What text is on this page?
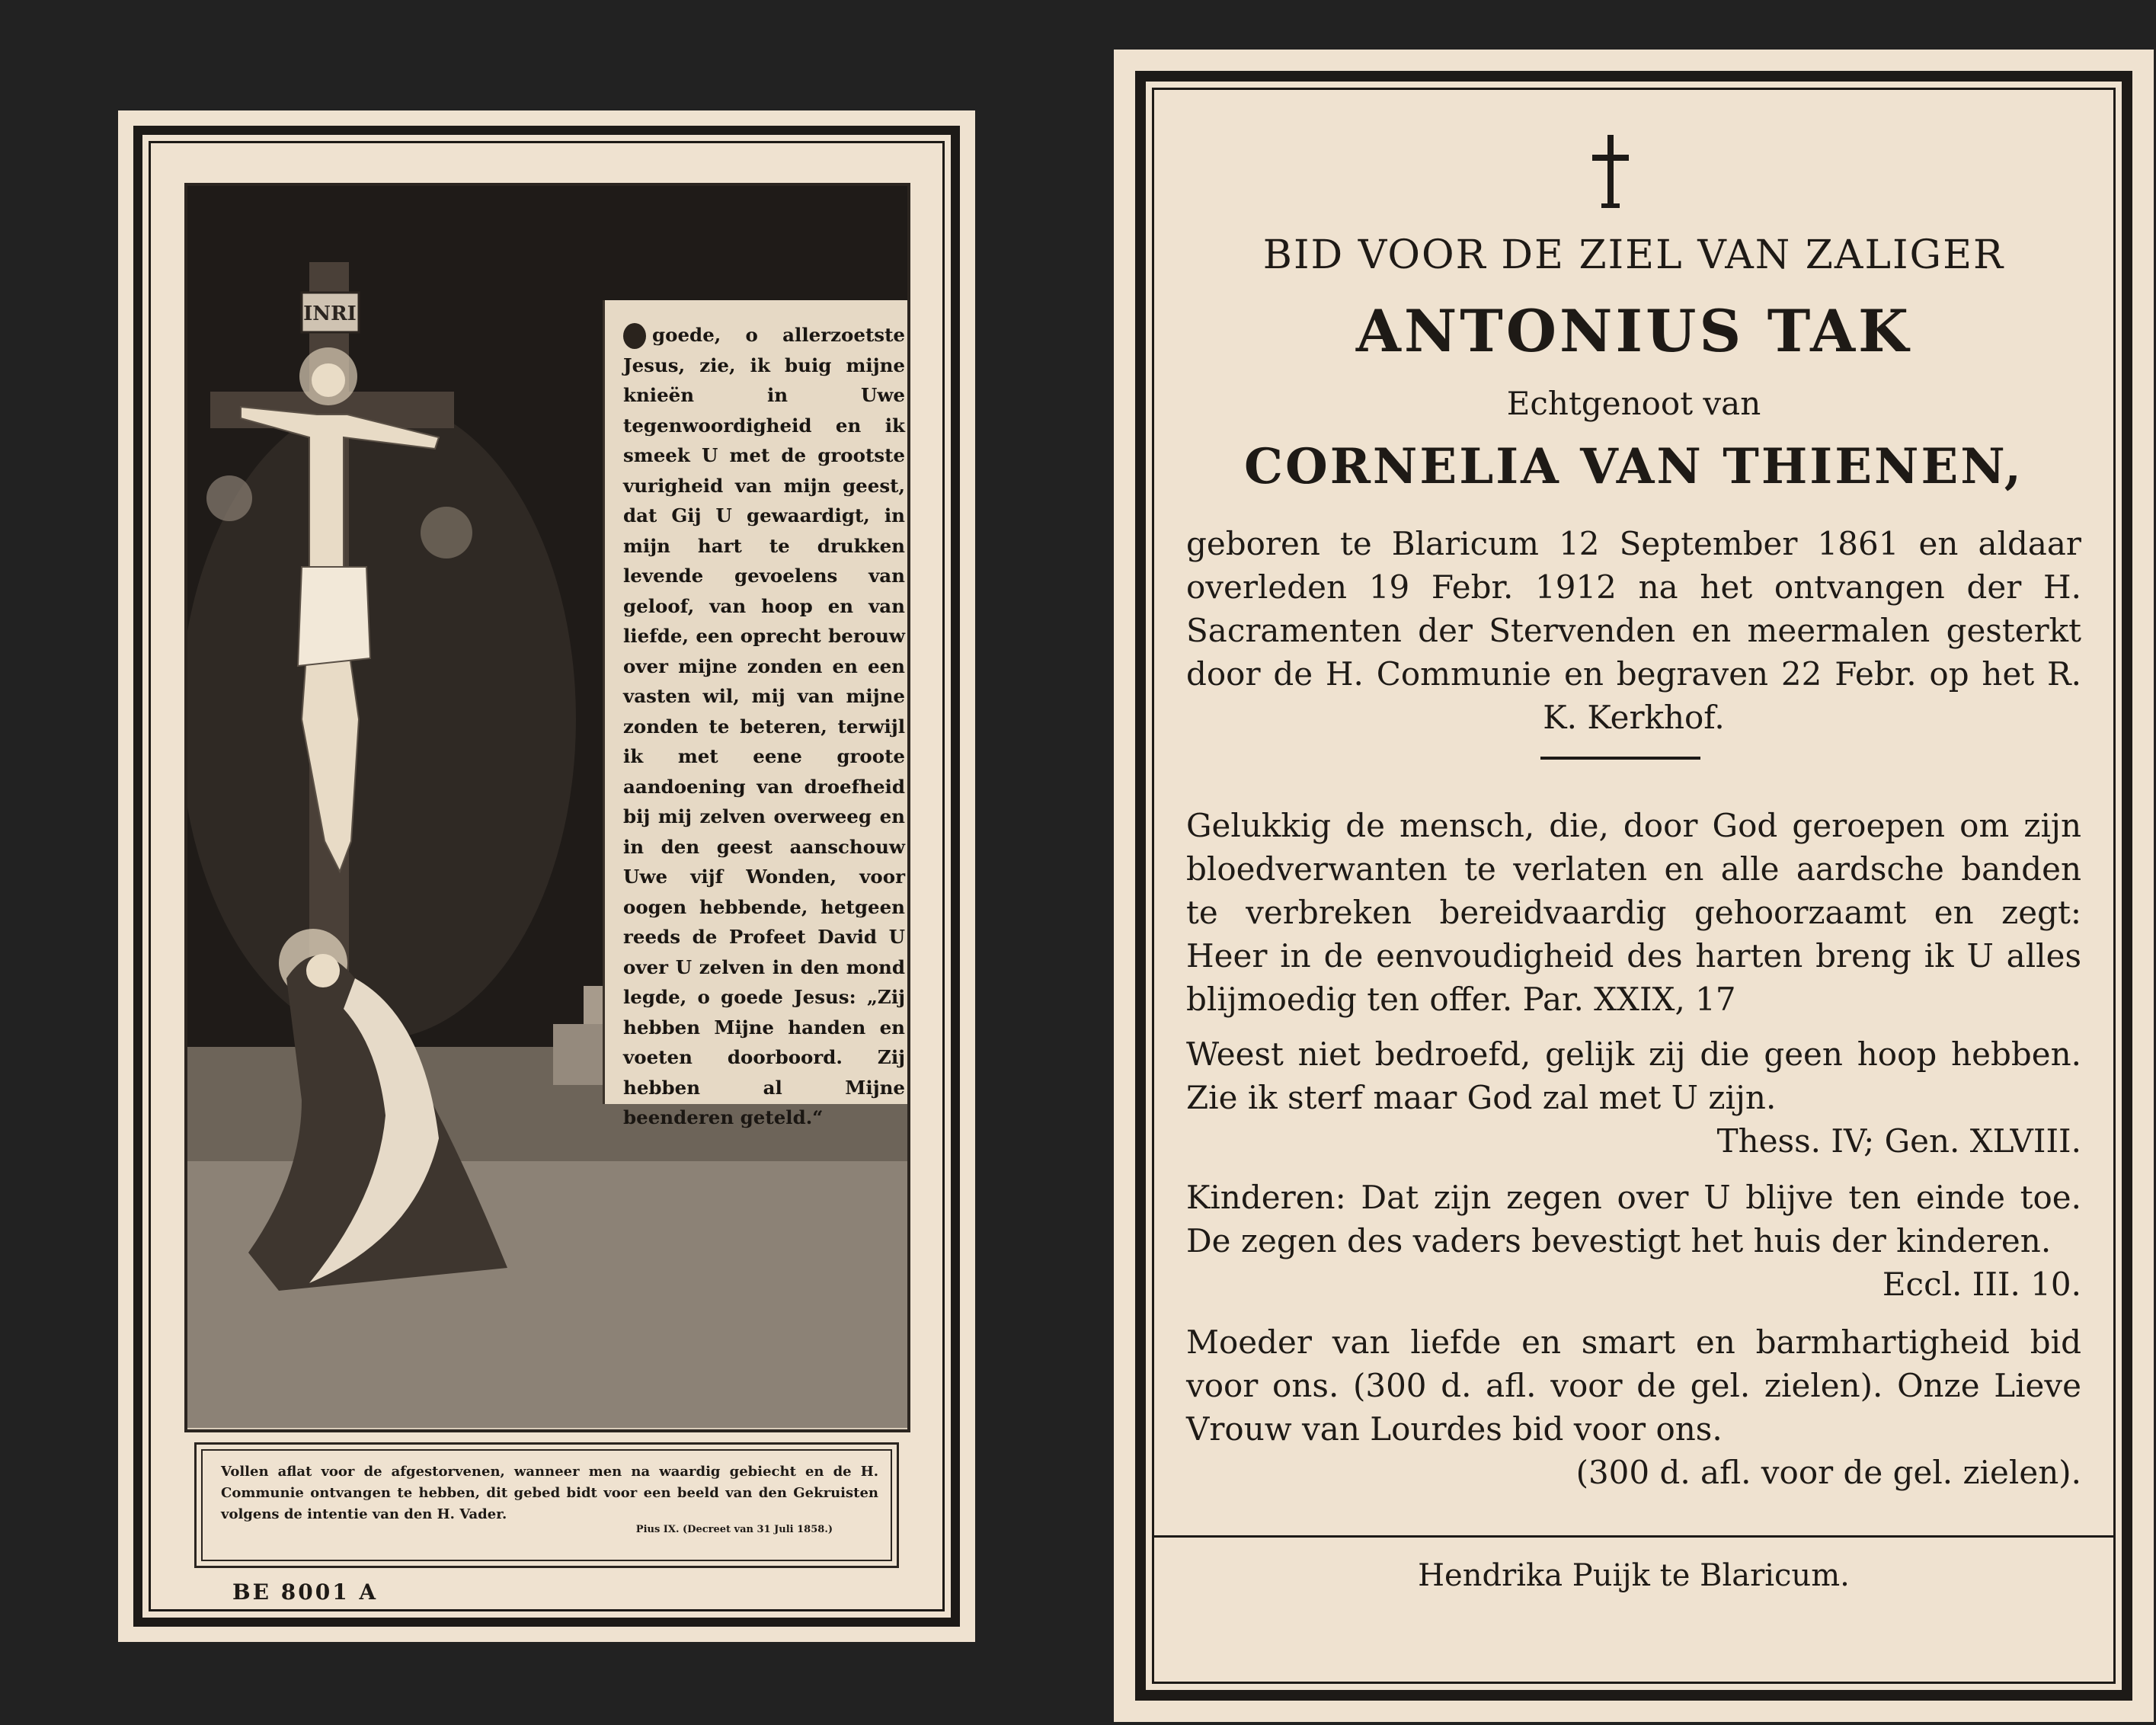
INRI
goede, o allerzoetste Jesus, zie, ik buig mijne knieën in Uwe tegenwoordigheid en ik smeek U met de grootste vurigheid van mijn geest, dat Gij U gewaardigt, in mijn hart te drukken levende gevoelens van geloof, van hoop en van liefde, een oprecht berouw over mijne zonden en een vasten wil, mij van mijne zonden te beteren, terwijl ik met eene groote aandoening van droefheid bij mij zelven overweeg en in den geest aanschouw Uwe vijf Wonden, voor oogen hebbende, hetgeen reeds de Profeet David U over U zelven in den mond legde, o goede Jesus: „Zij hebben Mijne handen en voeten doorboord. Zij hebben al Mijne beenderen geteld.“
Vollen aflat voor de afgestorvenen, wanneer men na waardig gebiecht en de H. Communie ontvangen te hebben, dit gebed bidt voor een beeld van den Gekruisten volgens de intentie van den H. Vader.
Pius IX. (Decreet van 31 Juli 1858.)
BE 8001 A
BID VOOR DE ZIEL VAN ZALIGER
ANTONIUS TAK
Echtgenoot van
CORNELIA VAN THIENEN,
geboren te Blaricum 12 September 1861 en aldaar overleden 19 Febr. 1912 na het ontvangen der H. Sacramenten der Stervenden en meermalen gesterkt door de H. Communie en begraven 22 Febr. op het R. K. Kerkhof.
Gelukkig de mensch, die, door God geroepen om zijn bloedverwanten te verlaten en alle aardsche banden te verbreken bereidvaardig gehoorzaamt en zegt: Heer in de eenvoudigheid des harten breng ik U alles blijmoedig ten offer. Par. XXIX, 17
Weest niet bedroefd, gelijk zij die geen hoop hebben. Zie ik sterf maar God zal met U zijn.
Thess. IV; Gen. XLVIII.
Kinderen: Dat zijn zegen over U blijve ten einde toe. De zegen des vaders bevestigt het huis der kinderen.
Eccl. III. 10.
Moeder van liefde en smart en barmhartigheid bid voor ons. (300 d. afl. voor de gel. zielen). Onze Lieve Vrouw van Lourdes bid voor ons.
(300 d. afl. voor de gel. zielen).
Hendrika Puijk te Blaricum.
